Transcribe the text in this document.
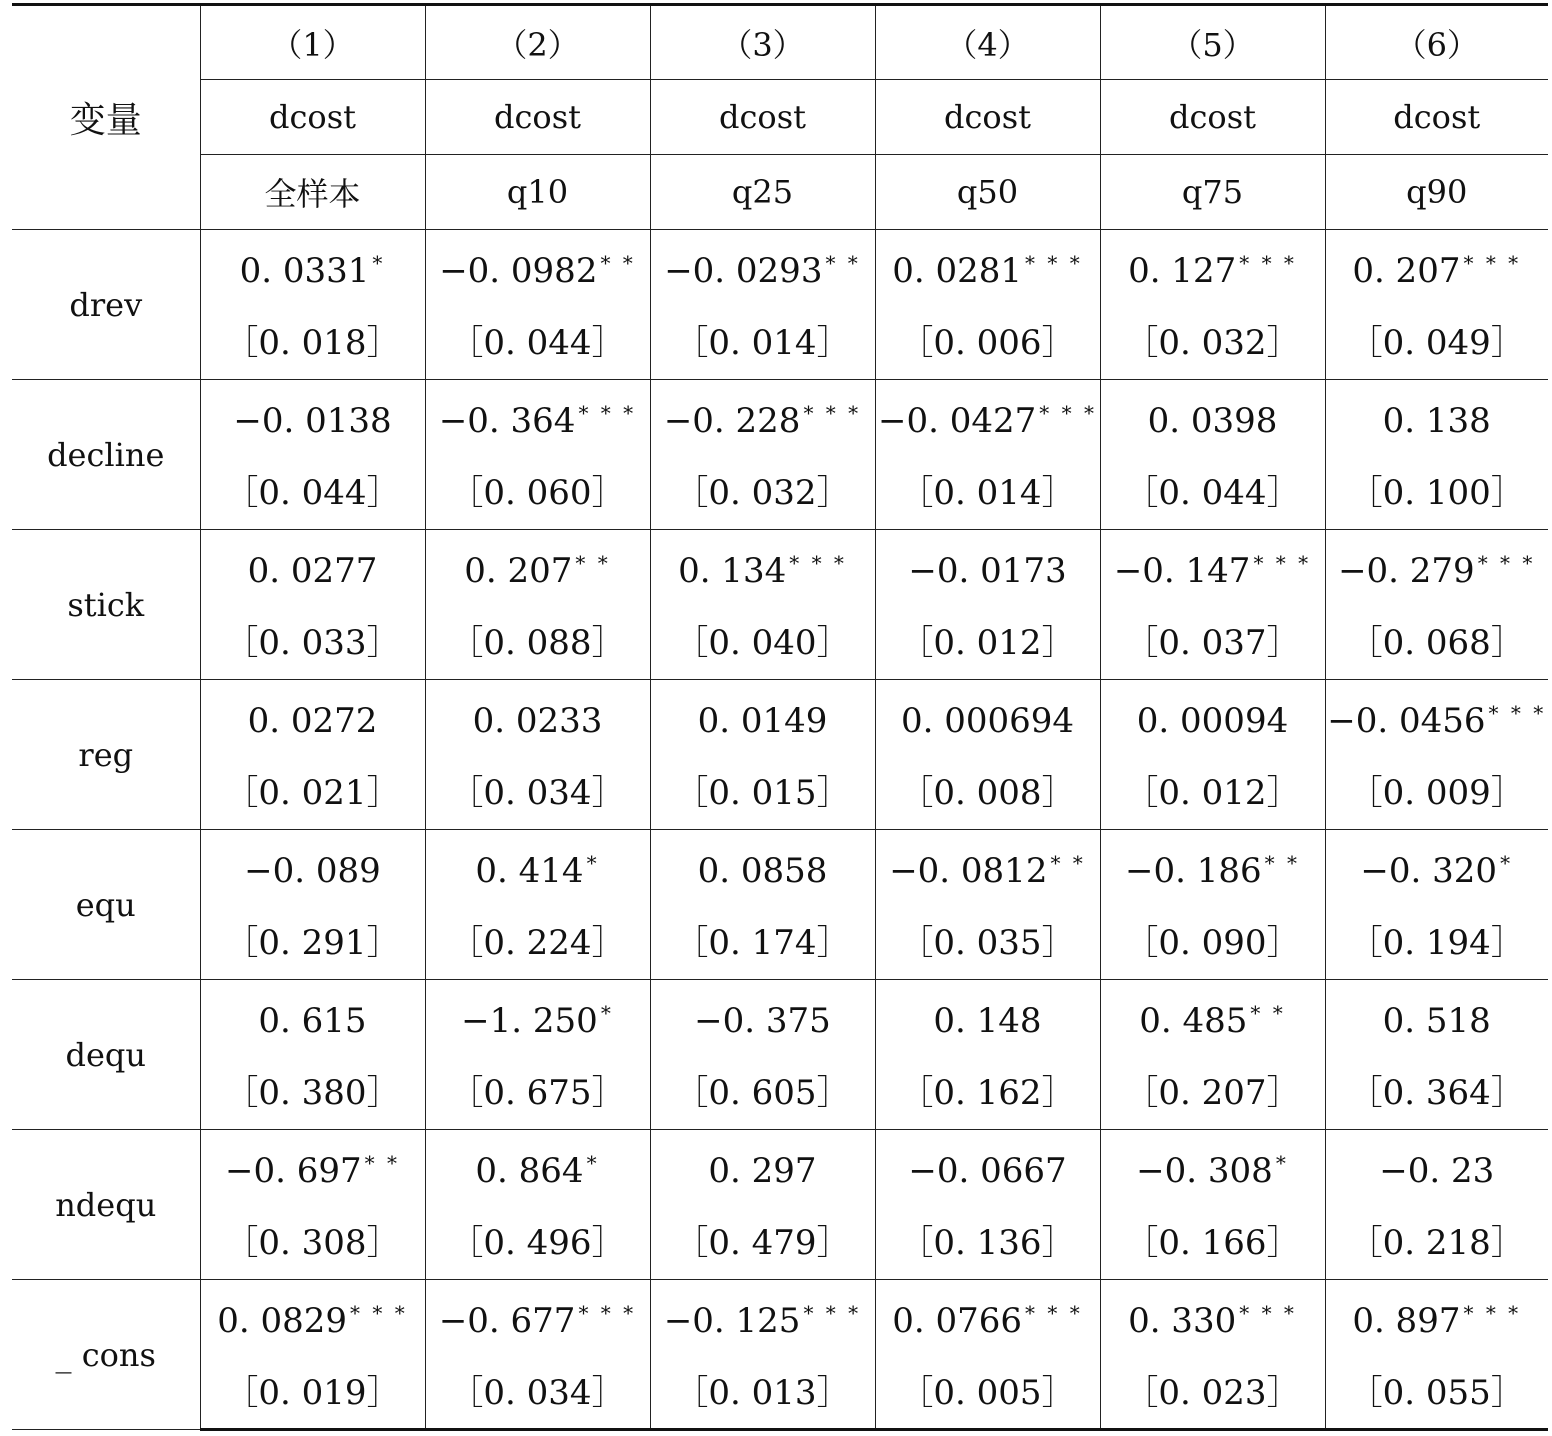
变量	（1）	（2）	（3）	（4）	（5）	（6）
	dcost	dcost	dcost	dcost	dcost	dcost
	全样本	q10	q25	q50	q75	q90
drev	0. 0331 *	−0. 0982 * *	−0. 0293 * *	0. 0281 * * *	0. 127 * * *	0. 207 * * *
	［0. 018］	［0. 044］	［0. 014］	［0. 006］	［0. 032］	［0. 049］
decline	−0. 0138	−0. 364 * * *	−0. 228 * * *	−0. 0427 * * *	0. 0398	0. 138
	［0. 044］	［0. 060］	［0. 032］	［0. 014］	［0. 044］	［0. 100］
stick	0. 0277	0. 207 * *	0. 134 * * *	−0. 0173	−0. 147 * * *	−0. 279 * * *
	［0. 033］	［0. 088］	［0. 040］	［0. 012］	［0. 037］	［0. 068］
reg	0. 0272	0. 0233	0. 0149	0. 000694	0. 00094	−0. 0456 * * *
	［0. 021］	［0. 034］	［0. 015］	［0. 008］	［0. 012］	［0. 009］
equ	−0. 089	0. 414 *	0. 0858	−0. 0812 * *	−0. 186 * *	−0. 320 *
	［0. 291］	［0. 224］	［0. 174］	［0. 035］	［0. 090］	［0. 194］
dequ	0. 615	−1. 250 *	−0. 375	0. 148	0. 485 * *	0. 518
	［0. 380］	［0. 675］	［0. 605］	［0. 162］	［0. 207］	［0. 364］
ndequ	−0. 697 * *	0. 864 *	0. 297	−0. 0667	−0. 308 *	−0. 23
	［0. 308］	［0. 496］	［0. 479］	［0. 136］	［0. 166］	［0. 218］
_ cons	0. 0829 * * *	−0. 677 * * *	−0. 125 * * *	0. 0766 * * *	0. 330 * * *	0. 897 * * *
	［0. 019］	［0. 034］	［0. 013］	［0. 005］	［0. 023］	［0. 055］
